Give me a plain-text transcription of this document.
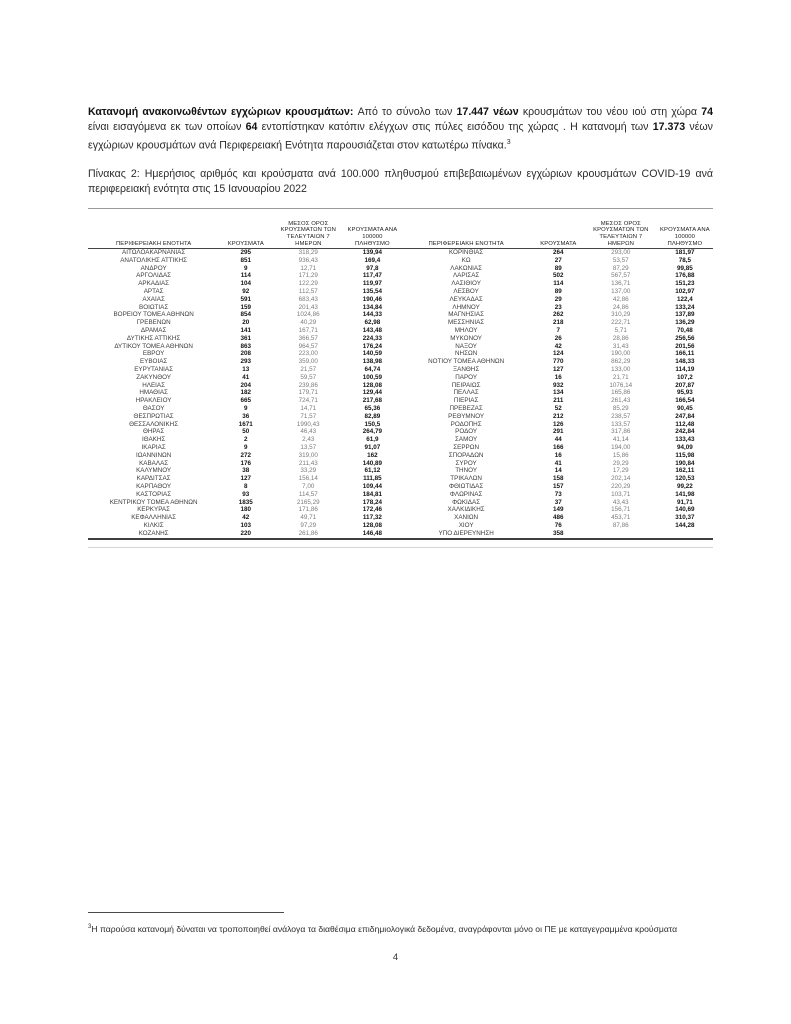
Κατανομή ανακοινωθέντων εγχώριων κρουσμάτων: Από το σύνολο των 17.447 νέων κρουσμάτων του νέου ιού στη χώρα 74 είναι εισαγόμενα εκ των οποίων 64 εντοπίστηκαν κατόπιν ελέγχων στις πύλες εισόδου της χώρας . Η κατανομή των 17.373 νέων εγχώριων κρουσμάτων ανά Περιφερειακή Ενότητα παρουσιάζεται στον κατωτέρω πίνακα.$^3$

Πίνακας 2: Ημερήσιος αριθμός και κρούσματα ανά 100.000 πληθυσμού επιβεβαιωμένων εγχώριων κρουσμάτων COVID-19 ανά περιφερειακή ενότητα στις 15 Ιανουαρίου 2022

ΠΕΡΙΦΕΡΕΙΑΚΗ ΕΝΟΤΗΤΑ	ΚΡΟΥΣΜΑΤΑ
ΜΕΣΟΣ ΟΡΟΣ ΚΡΟΥΣΜΑΤΩΝ ΤΩΝ ΤΕΛΕΥΤΑΙΩΝ 7 ΗΜΕΡΩΝ
ΚΡΟΥΣΜΑΤΑ ΑΝΑ 100000 ΠΛΗΘΥΣΜΟ	ΠΕΡΙΦΕΡΕΙΑΚΗ ΕΝΟΤΗΤΑ	ΚΡΟΥΣΜΑΤΑ
ΜΕΣΟΣ ΟΡΟΣ ΚΡΟΥΣΜΑΤΩΝ ΤΩΝ ΤΕΛΕΥΤΑΙΩΝ 7 ΗΜΕΡΩΝ
ΚΡΟΥΣΜΑΤΑ ΑΝΑ 100000 ΠΛΗΘΥΣΜΟ
ΑΙΤΩΛΟΑΚΑΡΝΑΝΙΑΣ	295	318,29	139,94
ΑΝΑΤΟΛΙΚΗΣ ΑΤΤΙΚΗΣ	851	936,43	169,4
ΑΝΔΡΟΥ	9	12,71	97,8
ΑΡΓΟΛΙΔΑΣ	114	171,29	117,47
ΑΡΚΑΔΙΑΣ	104	122,29	119,97
ΑΡΤΑΣ	92	112,57	135,54
ΑΧΑΪΑΣ	591	683,43	190,46
ΒΟΙΩΤΙΑΣ	159	201,43	134,84
ΒΟΡΕΙΟΥ ΤΟΜΕΑ ΑΘΗΝΩΝ	854	1024,86	144,33
ΓΡΕΒΕΝΩΝ	20	40,29	62,98
ΔΡΑΜΑΣ	141	167,71	143,48
ΔΥΤΙΚΗΣ ΑΤΤΙΚΗΣ	361	366,57	224,33
ΔΥΤΙΚΟΥ ΤΟΜΕΑ ΑΘΗΝΩΝ	863	964,57	176,24
ΕΒΡΟΥ	208	223,00	140,59
ΕΥΒΟΙΑΣ	293	359,00	138,98
ΕΥΡΥΤΑΝΙΑΣ	13	21,57	64,74
ΖΑΚΥΝΘΟΥ	41	59,57	100,59
ΗΛΕΙΑΣ	204	239,86	128,08
ΗΜΑΘΙΑΣ	182	179,71	129,44
ΗΡΑΚΛΕΙΟΥ	665	724,71	217,68
ΘΑΣΟΥ	9	14,71	65,36
ΘΕΣΠΡΩΤΙΑΣ	36	71,57	82,89
ΘΕΣΣΑΛΟΝΙΚΗΣ	1671	1990,43	150,5
ΘΗΡΑΣ	50	46,43	264,79
ΙΘΑΚΗΣ	2	2,43	61,9
ΙΚΑΡΙΑΣ	9	13,57	91,07
ΙΩΑΝΝΙΝΩΝ	272	319,00	162
ΚΑΒΑΛΑΣ	176	211,43	140,89
ΚΑΛΥΜΝΟΥ	38	33,29	61,12
ΚΑΡΔΙΤΣΑΣ	127	156,14	111,85
ΚΑΡΠΑΘΟΥ	8	7,00	109,44
ΚΑΣΤΟΡΙΑΣ	93	114,57	184,81
ΚΕΝΤΡΙΚΟΥ ΤΟΜΕΑ ΑΘΗΝΩΝ	1835	2165,29	178,24
ΚΕΡΚΥΡΑΣ	180	171,86	172,46
ΚΕΦΑΛΛΗΝΙΑΣ	42	49,71	117,32
ΚΙΛΚΙΣ	103	97,29	128,08
ΚΟΖΑΝΗΣ	220	261,86	146,48
ΚΟΡΙΝΘΙΑΣ	264	293,00	181,97
ΚΩ	27	53,57	78,5
ΛΑΚΩΝΙΑΣ	89	87,29	99,85
ΛΑΡΙΣΑΣ	502	567,57	176,88
ΛΑΣΙΘΙΟΥ	114	136,71	151,23
ΛΕΣΒΟΥ	89	137,00	102,97
ΛΕΥΚΑΔΑΣ	29	42,86	122,4
ΛΗΜΝΟΥ	23	24,86	133,24
ΜΑΓΝΗΣΙΑΣ	262	310,29	137,89
ΜΕΣΣΗΝΙΑΣ	218	222,71	136,29
ΜΗΛΟΥ	7	5,71	70,48
ΜΥΚΟΝΟΥ	26	28,86	256,56
ΝΑΞΟΥ	42	31,43	201,56
ΝΗΣΩΝ	124	190,00	166,11
ΝΟΤΙΟΥ ΤΟΜΕΑ ΑΘΗΝΩΝ	770	862,29	148,33
ΞΑΝΘΗΣ	127	133,00	114,19
ΠΑΡΟΥ	16	21,71	107,2
ΠΕΙΡΑΙΩΣ	932	1076,14	207,87
ΠΕΛΛΑΣ	134	165,86	95,93
ΠΙΕΡΙΑΣ	211	261,43	166,54
ΠΡΕΒΕΖΑΣ	52	85,29	90,45
ΡΕΘΥΜΝΟΥ	212	238,57	247,84
ΡΟΔΟΠΗΣ	126	133,57	112,48
ΡΟΔΟΥ	291	317,86	242,84
ΣΑΜΟΥ	44	41,14	133,43
ΣΕΡΡΩΝ	166	194,00	94,09
ΣΠΟΡΑΔΩΝ	16	15,86	115,98
ΣΥΡΟΥ	41	29,29	190,84
ΤΗΝΟΥ	14	17,29	162,11
ΤΡΙΚΑΛΩΝ	158	202,14	120,53
ΦΘΙΩΤΙΔΑΣ	157	220,29	99,22
ΦΛΩΡΙΝΑΣ	73	103,71	141,98
ΦΩΚΙΔΑΣ	37	43,43	91,71
ΧΑΛΚΙΔΙΚΗΣ	149	156,71	140,69
ΧΑΝΙΩΝ	486	453,71	310,37
ΧΙΟΥ	76	87,86	144,28
ΥΠΟ ΔΙΕΡΕΥΝΗΣΗ	358

$^3$Η παρούσα κατανομή δύναται να τροποποιηθεί ανάλογα τα διαθέσιμα επιδημιολογικά δεδομένα, αναγράφονται μόνο οι ΠΕ με καταγεγραμμένα κρούσματα

4
